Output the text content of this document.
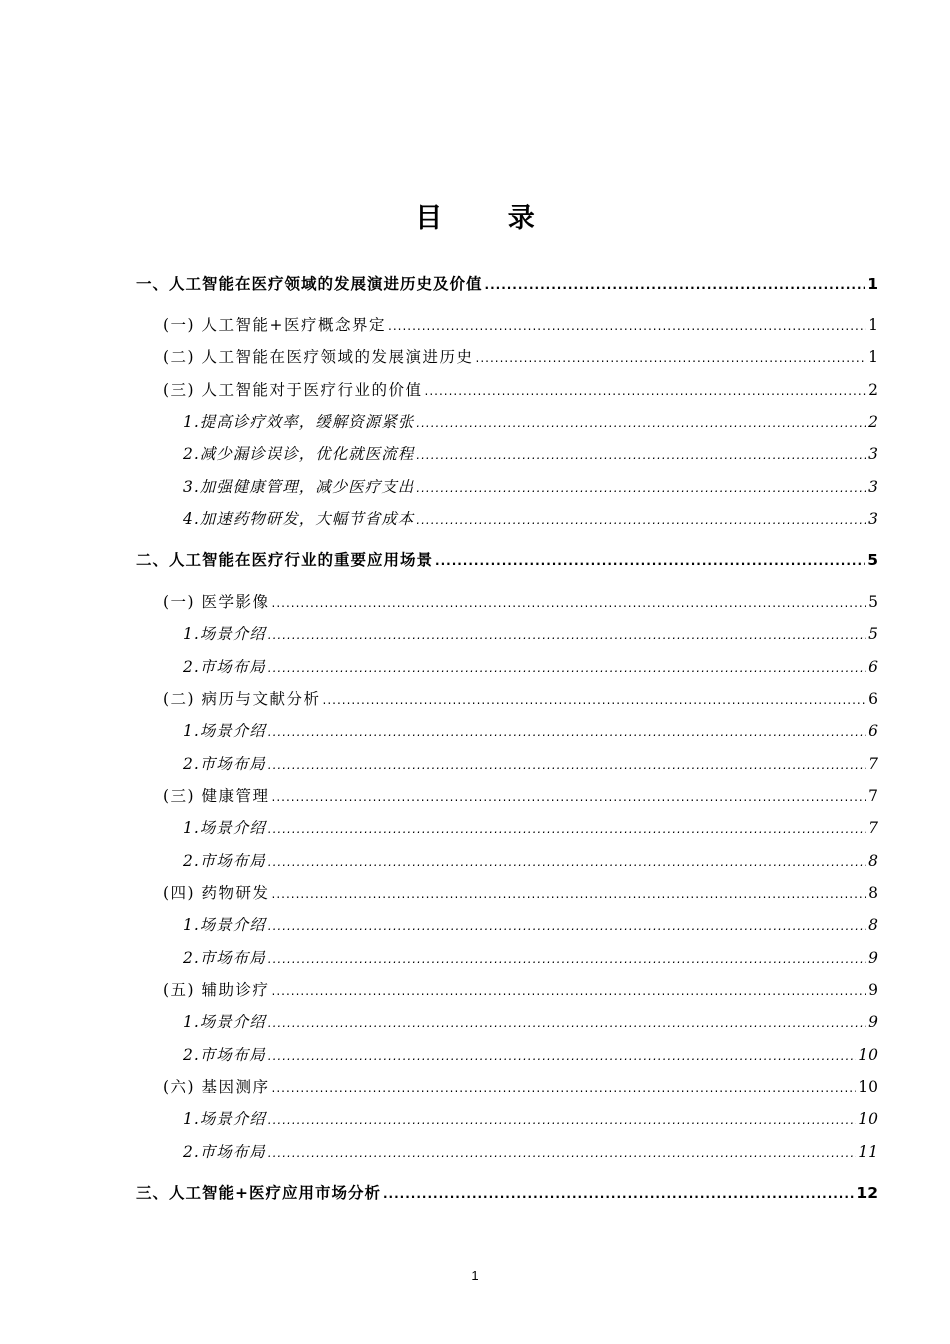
目 录
一、人工智能在医疗领域的发展演进历史及价值 .....	1
(一) 人工智能+医疗概念界定 .....	1
(二) 人工智能在医疗领域的发展演进历史 .....	1
(三) 人工智能对于医疗行业的价值 .....	2
1.提高诊疗效率，缓解资源紧张 .....	2
2.减少漏诊误诊，优化就医流程 .....	3
3.加强健康管理，减少医疗支出 .....	3
4.加速药物研发，大幅节省成本 .....	3
二、人工智能在医疗行业的重要应用场景 .....	5
(一) 医学影像 .....	5
1.场景介绍 .....	5
2.市场布局 .....	6
(二) 病历与文献分析 .....	6
1.场景介绍 .....	6
2.市场布局 .....	7
(三) 健康管理 .....	7
1.场景介绍 .....	7
2.市场布局 .....	8
(四) 药物研发 .....	8
1.场景介绍 .....	8
2.市场布局 .....	9
(五) 辅助诊疗 .....	9
1.场景介绍 .....	9
2.市场布局 .....	10
(六) 基因测序 .....	10
1.场景介绍 .....	10
2.市场布局 .....	11
三、人工智能+医疗应用市场分析 .....	12
1
